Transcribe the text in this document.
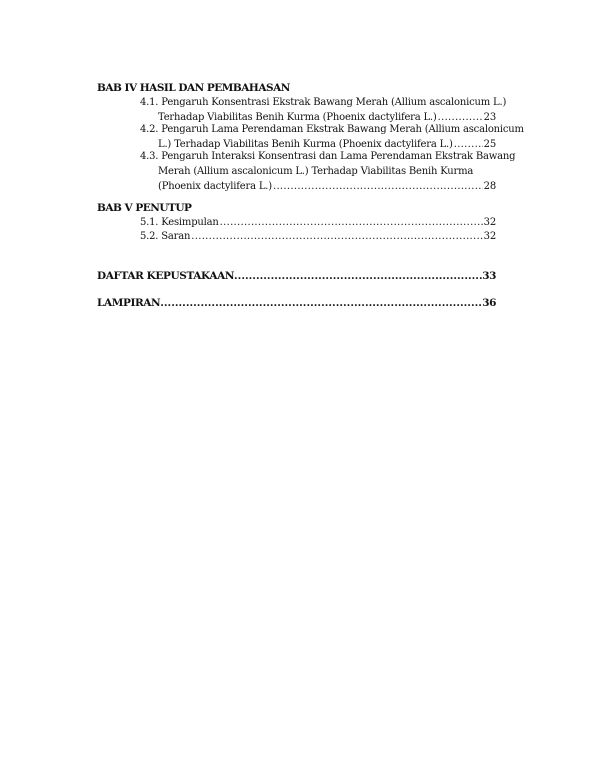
BAB IV HASIL DAN PEMBAHASAN
4.1. Pengaruh Konsentrasi Ekstrak Bawang Merah (Allium ascalonicum L.)
Terhadap Viabilitas Benih Kurma (Phoenix dactylifera L.) .....	23
4.2. Pengaruh Lama Perendaman Ekstrak Bawang Merah (Allium ascalonicum
L.) Terhadap Viabilitas Benih Kurma (Phoenix dactylifera L.) .....	25
4.3. Pengaruh Interaksi Konsentrasi dan Lama Perendaman Ekstrak Bawang
Merah (Allium ascalonicum L.) Terhadap Viabilitas Benih Kurma
(Phoenix dactylifera L.) .....	28
BAB V PENUTUP
5.1. Kesimpulan .....	32
5.2. Saran .....	32
DAFTAR KEPUSTAKAAN .....	33
LAMPIRAN .....	36
